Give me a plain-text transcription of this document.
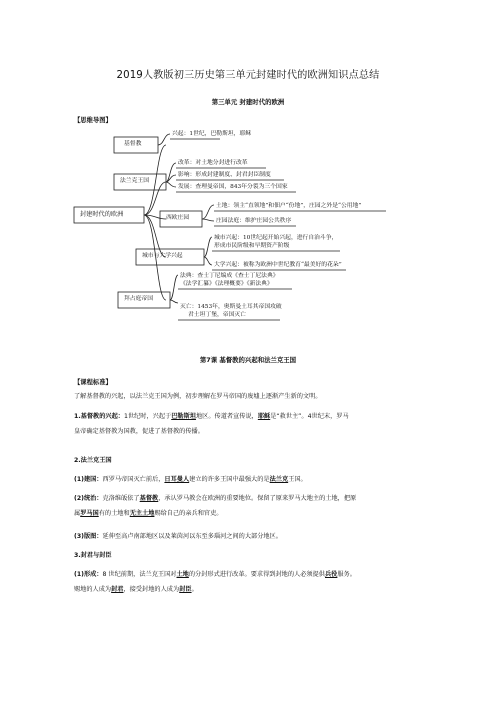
2019人教版初三历史第三单元封建时代的欧洲知识点总结
第三单元 封建时代的欧洲
【思维导图】
封建时代的欧洲
基督教
法兰克王国
西欧庄园
城市与大学兴起
拜占庭帝国
兴起：1世纪，巴勒斯坦，耶稣
改革：对土地分封进行改革
影响：形成封建制度、封君封臣制度
发展：查理曼帝国，843年分裂为三个国家
土地：领主“直领地”和佃户“份地”，庄园之外是“公用地”
庄园法庭：维护庄园公共秩序
城市兴起：10世纪起开始兴起，进行自治斗争，
形成市民阶级和早期资产阶级
大学兴起：被称为欧洲中世纪教育“最美好的花朵”
法典：查士丁尼编成《查士丁尼法典》
《法学汇纂》《法理概要》《新法典》
灭亡：1453年，奥斯曼土耳其帝国攻破
君士坦丁堡，帝国灭亡
第7课 基督教的兴起和法兰克王国
【课程标准】
了解基督教的兴起，以法兰克王国为例，初步理解在罗马帝国的废墟上逐渐产生新的文明。
1.基督教的兴起：1世纪时，兴起于巴勒斯坦地区。传道者宣传说，耶稣是“救世主”。4世纪末，罗马
皇帝确定基督教为国教，促进了基督教的传播。
2.法兰克王国
(1)建国：西罗马帝国灭亡前后，日耳曼人建立的许多王国中最强大的是法兰克王国。
(2)统治：克洛维皈依了基督教，承认罗马教会在欧洲的重要地位。保留了原来罗马大地主的土地，把原
属罗马国有的土地和无主土地赐给自己的亲兵和官吏。
(3)版图：延伸至高卢南部地区以及莱茵河以东至多瑙河之间的大部分地区。
3.封君与封臣
(1)形成：8 世纪前期，法兰克王国对土地的分封形式进行改革。要求得到封地的人必须提供兵役服务。
赐地的人成为封君，接受封地的人成为封臣。
